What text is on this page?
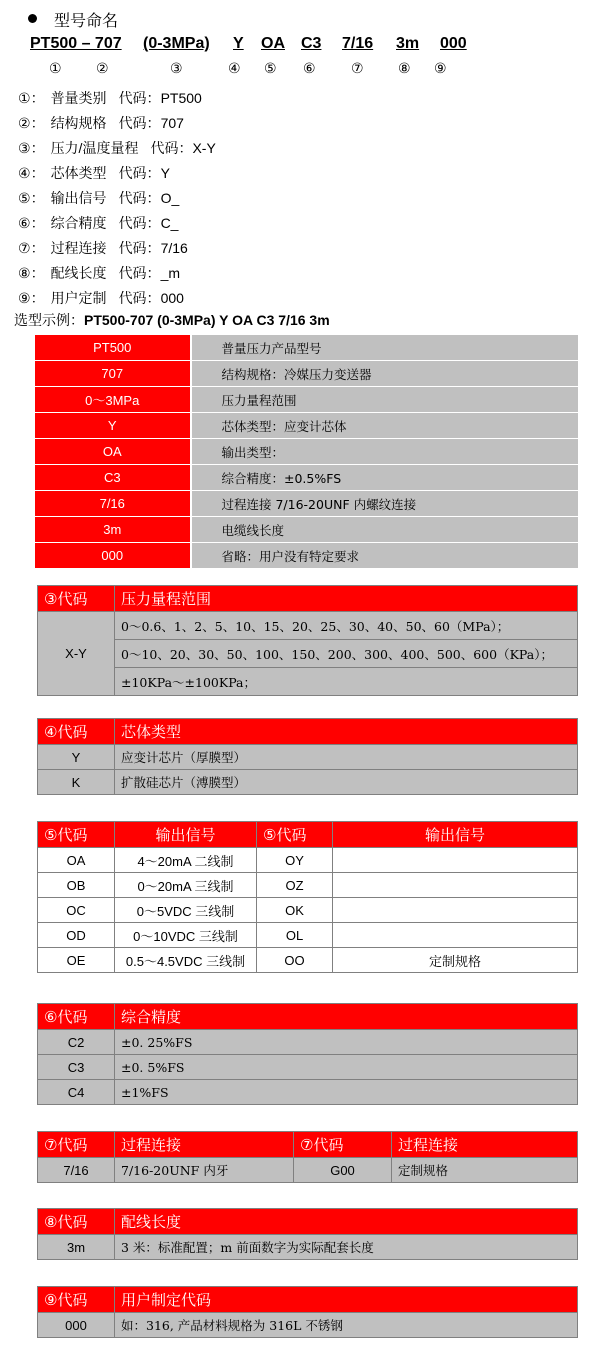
型号命名
PT500 – 707 (0-3MPa) Y OA C3 7/16 3m 000
① ②	③	④ ⑤ ⑥	⑦ ⑧ ⑨
①： 普量类别 代码：PT500
②： 结构规格 代码：707
③： 压力/温度量程 代码：X-Y
④： 芯体类型 代码：Y
⑤： 输出信号 代码：O_
⑥： 综合精度 代码：C_
⑦： 过程连接 代码：7/16
⑧： 配线长度 代码：_m
⑨： 用户定制 代码：000
选型示例：PT500-707 (0-3MPa) Y OA C3 7/16 3m
PT500	普量压力产品型号
707	结构规格：冷媒压力变送器
0～3MPa	压力量程范围
Y	芯体类型：应变计芯体
OA	输出类型：
C3	综合精度：±0.5%FS
7/16	过程连接 7/16-20UNF 内螺纹连接
3m	电缆线长度
000	省略：用户没有特定要求
③代码	压力量程范围
X-Y	0～0.6、1、2、5、10、15、20、25、30、40、50、60（MPa）；
	0～10、20、30、50、100、150、200、300、400、500、600（KPa）；
	±10KPa～±100KPa；
④代码	芯体类型
Y	应变计芯片（厚膜型）
K	扩散硅芯片（溥膜型）
⑤代码	输出信号	⑤代码	输出信号
OA	4～20mA 二线制	OY	
OB	0～20mA 三线制	OZ	
OC	0～5VDC 三线制	OK	
OD	0～10VDC 三线制	OL	
OE	0.5～4.5VDC 三线制	OO	定制规格
⑥代码	综合精度
C2	±0. 25%FS
C3	±0. 5%FS
C4	±1%FS
⑦代码	过程连接	⑦代码	过程连接
7/16	7/16-20UNF 内牙	G00	定制规格
⑧代码	配线长度
3m	3 米：标准配置；m 前面数字为实际配套长度
⑨代码	用户制定代码
000	如：316, 产品材料规格为 316L 不锈钢
